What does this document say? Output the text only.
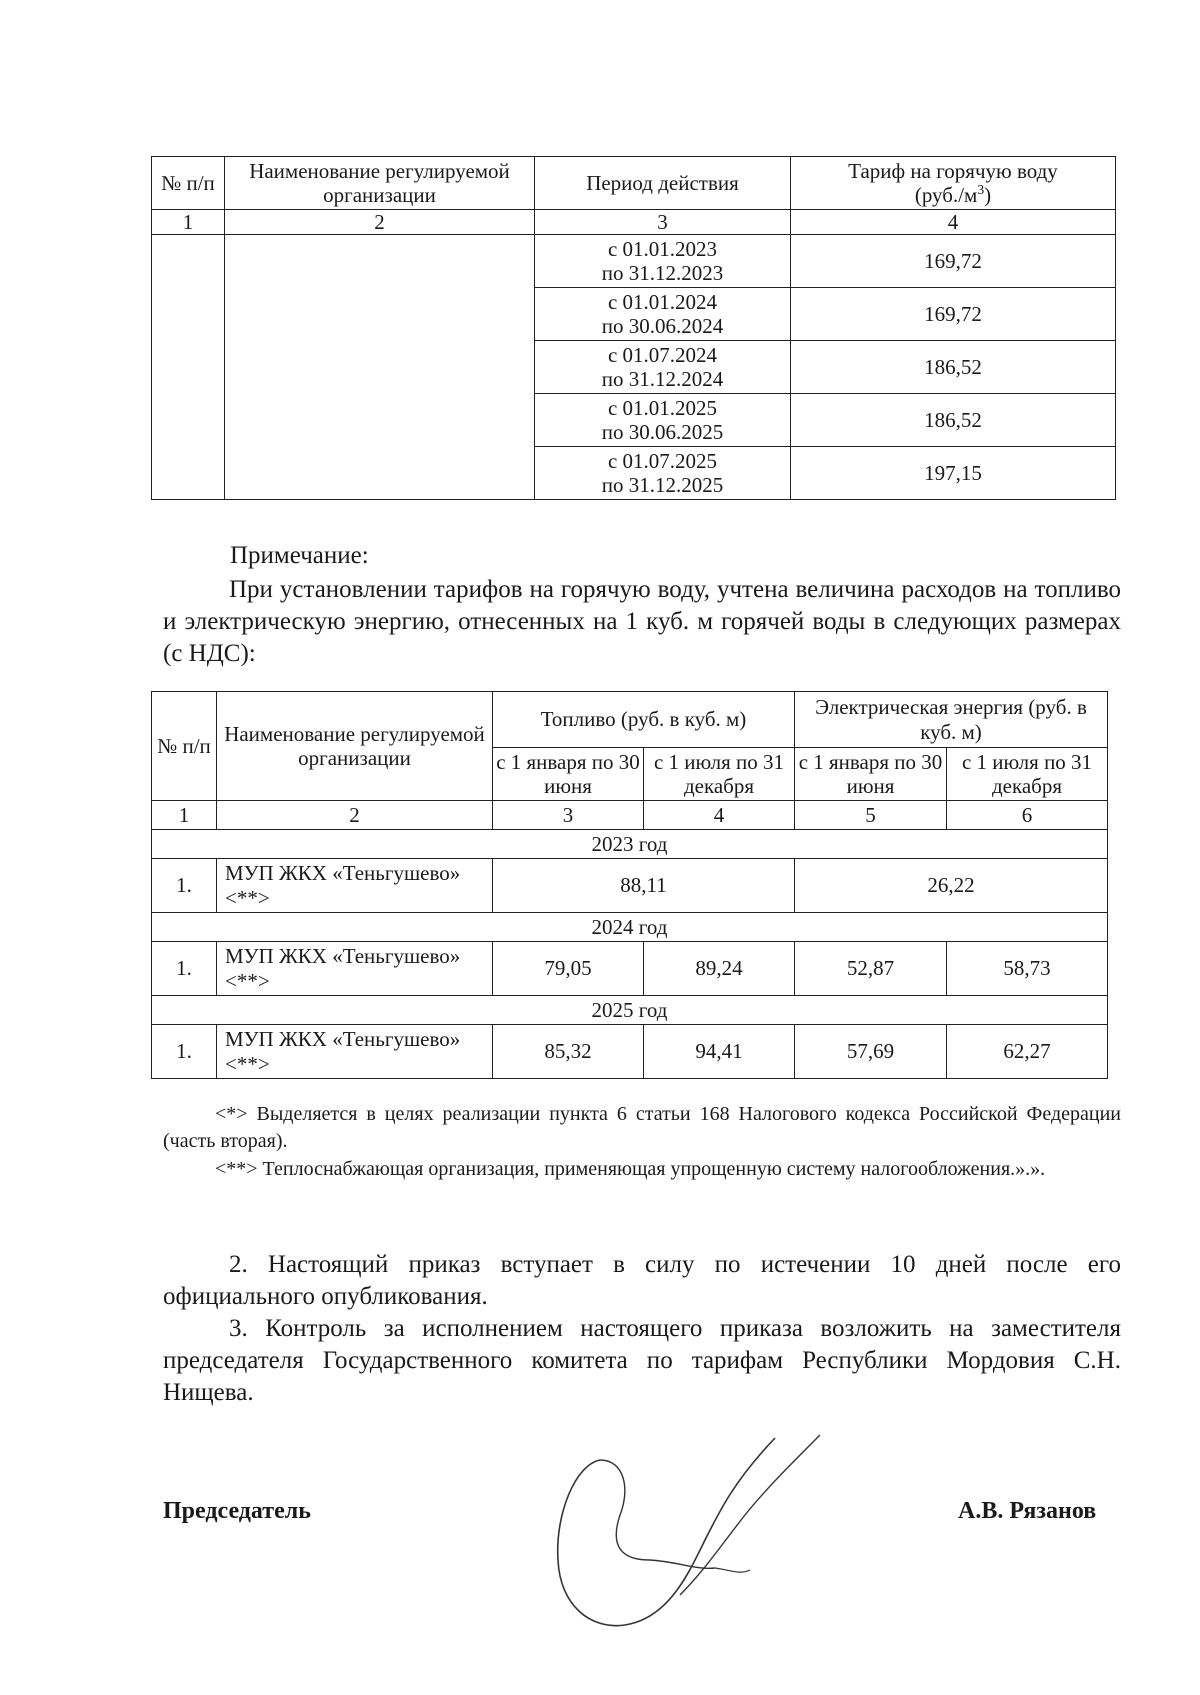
№ п/п	Наименование регулируемой организации	Период действия	Тариф на горячую воду
$(руб./м^3)$
1	2	3	4
		с 01.01.2023
по 31.12.2023	169,72
		с 01.01.2024
по 30.06.2024	169,72
		с 01.07.2024
по 31.12.2024	186,52
		с 01.01.2025
по 30.06.2025	186,52
		с 01.07.2025
по 31.12.2025	197,15
Примечание:
При установлении тарифов на горячую воду, учтена величина расходов на топливо и электрическую энергию, отнесенных на 1 куб. м горячей воды в следующих размерах (с НДС):
№ п/п	Наименование регулируемой организации	Топливо (руб. в куб. м)		Электрическая энергия (руб. в куб. м)	
		с 1 января по 30 июня	с 1 июля по 31 декабря	с 1 января по 30 июня	с 1 июля по 31 декабря
1	2	3	4	5	6
2023 год					
1.	МУП ЖКХ «Теньгушево» <**>	88,11		26,22	
2024 год					
1.	МУП ЖКХ «Теньгушево» <**>	79,05	89,24	52,87	58,73
2025 год					
1.	МУП ЖКХ «Теньгушево» <**>	85,32	94,41	57,69	62,27
<*> Выделяется в целях реализации пункта 6 статьи 168 Налогового кодекса Российской Федерации (часть вторая).
<**> Теплоснабжающая организация, применяющая упрощенную систему налогообложения.».».
2. Настоящий приказ вступает в силу по истечении 10 дней после его официального опубликования.
3. Контроль за исполнением настоящего приказа возложить на заместителя председателя Государственного комитета по тарифам Республики Мордовия С.Н. Нищева.
Председатель	А.В. Рязанов
